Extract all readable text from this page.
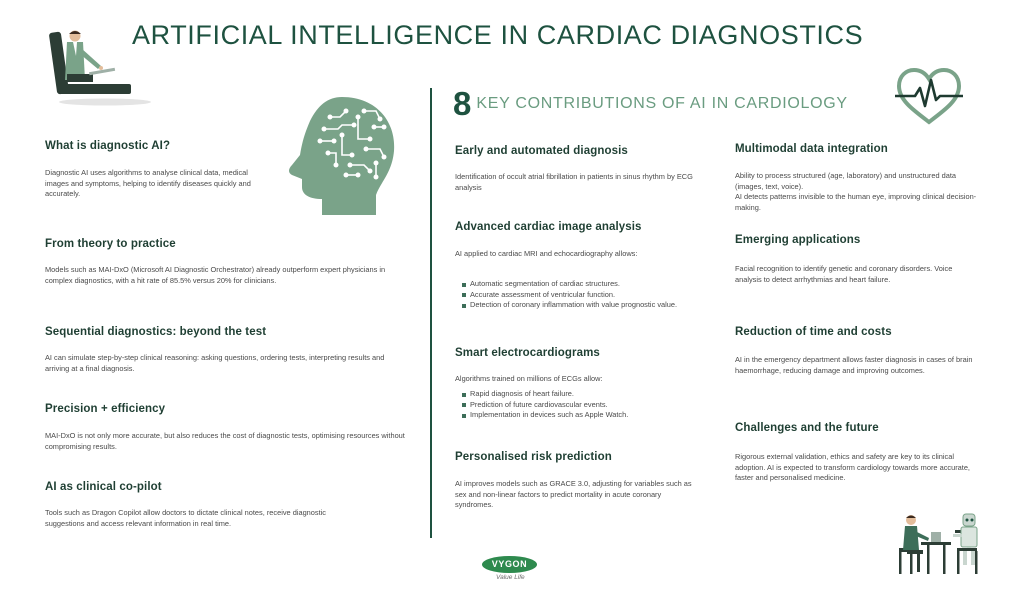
ARTIFICIAL INTELLIGENCE IN CARDIAC DIAGNOSTICS
What is diagnostic AI?

Diagnostic AI uses algorithms to analyse clinical data, medical images and symptoms, helping to identify diseases quickly and accurately.

From theory to practice

Models such as MAI-DxO (Microsoft AI Diagnostic Orchestrator) already outperform expert physicians in complex diagnostics, with a hit rate of 85.5% versus 20% for clinicians.

Sequential diagnostics: beyond the test

AI can simulate step-by-step clinical reasoning: asking questions, ordering tests, interpreting results and arriving at a final diagnosis.

Precision + efficiency

MAI-DxO is not only more accurate, but also reduces the cost of diagnostic tests, optimising resources without compromising results.

AI as clinical co-pilot

Tools such as Dragon Copilot allow doctors to dictate clinical notes, receive diagnostic suggestions and access relevant information in real time.

8 KEY CONTRIBUTIONS OF AI IN CARDIOLOGY
Early and automated diagnosis

Identification of occult atrial fibrillation in patients in sinus rhythm by ECG analysis

Advanced cardiac image analysis

AI applied to cardiac MRI and echocardiography allows:

Automatic segmentation of cardiac structures.
Accurate assessment of ventricular function.
Detection of coronary inflammation with value prognostic value.
Smart electrocardiograms

Algorithms trained on millions of ECGs allow:

Rapid diagnosis of heart failure.
Prediction of future cardiovascular events.
Implementation in devices such as Apple Watch.
Personalised risk prediction

AI improves models such as GRACE 3.0, adjusting for variables such as sex and non-linear factors to predict mortality in acute coronary syndromes.

Multimodal data integration

Ability to process structured (age, laboratory) and unstructured data (images, text, voice).

AI detects patterns invisible to the human eye, improving clinical decision-making.

Emerging applications

Facial recognition to identify genetic and coronary disorders. Voice analysis to detect arrhythmias and heart failure.

Reduction of time and costs

AI in the emergency department allows faster diagnosis in cases of brain haemorrhage, reducing damage and improving outcomes.

Challenges and the future

Rigorous external validation, ethics and safety are key to its clinical adoption. AI is expected to transform cardiology towards more accurate, faster and personalised medicine.

VYGON
Value Life
